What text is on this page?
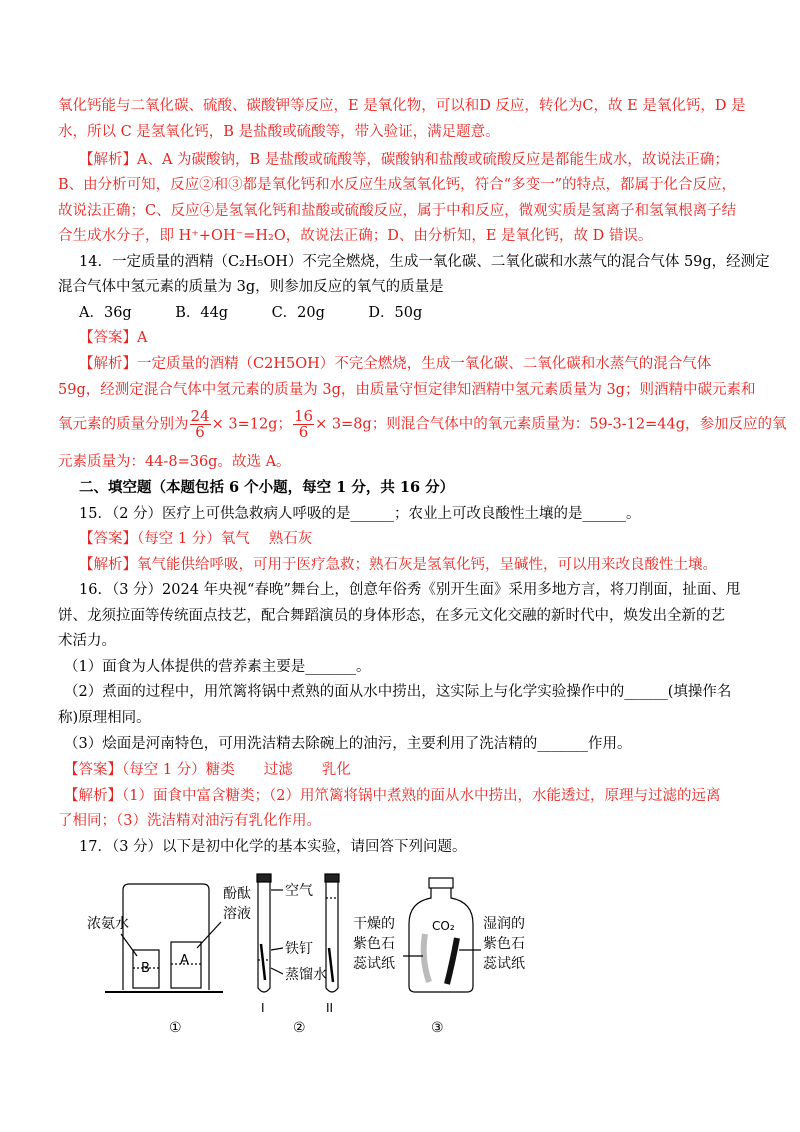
氧化钙能与二氧化碳、硫酸、碳酸钾等反应，E 是氧化物，可以和D 反应，转化为C，故 E 是氧化钙，D 是
水，所以 C 是氢氧化钙，B 是盐酸或硫酸等，带入验证，满足题意。
【解析】A、A 为碳酸钠，B 是盐酸或硫酸等，碳酸钠和盐酸或硫酸反应是都能生成水，故说法正确；
B、由分析可知，反应②和③都是氧化钙和水反应生成氢氧化钙，符合“多变一”的特点，都属于化合反应，
故说法正确；C、反应④是氢氧化钙和盐酸或硫酸反应，属于中和反应，微观实质是氢离子和氢氧根离子结
合生成水分子，即 H⁺+OH⁻=H₂O，故说法正确；D、由分析知，E 是氧化钙，故 D 错误。
14．一定质量的酒精（C₂H₅OH）不完全燃烧，生成一氧化碳、二氧化碳和水蒸气的混合气体 59g，经测定
混合气体中氢元素的质量为 3g，则参加反应的氧气的质量是
A．36g　　　B．44g　　　C．20g　　　D．50g
【答案】A
【解析】一定质量的酒精（C2H5OH）不完全燃烧，生成一氧化碳、二氧化碳和水蒸气的混合气体
59g，经测定混合气体中氢元素的质量为 3g，由质量守恒定律知酒精中氢元素质量为 3g；则酒精中碳元素和
氧元素的质量分别为 $\frac{24}{6} \times 3=12g$； $\frac{16}{6} \times 3=8g$；则混合气体中的氧元素质量为：59-3-12=44g，参加反应的氧
元素质量为：44-8=36g。故选 A。
二、填空题（本题包括 6 个小题，每空 1 分，共 16 分）
15．（2 分）医疗上可供急救病人呼吸的是______；农业上可改良酸性土壤的是______。
【答案】（每空 1 分）氧气　 熟石灰
【解析】氧气能供给呼吸，可用于医疗急救；熟石灰是氢氧化钙，呈碱性，可以用来改良酸性土壤。
16．（3 分）2024 年央视“春晚”舞台上，创意年俗秀《别开生面》采用多地方言，将刀削面，扯面、甩
饼、龙须拉面等传统面点技艺，配合舞蹈演员的身体形态，在多元文化交融的新时代中，焕发出全新的艺
术活力。
（1）面食为人体提供的营养素主要是_______。
（2）煮面的过程中，用笊篱将锅中煮熟的面从水中捞出，这实际上与化学实验操作中的______(填操作名
称)原理相同。
（3）烩面是河南特色，可用洗洁精去除碗上的油污，主要利用了洗洁精的_______作用。
【答案】（每空 1 分）糖类　　过滤　　乳化
【解析】（1）面食中富含糖类；（2）用笊篱将锅中煮熟的面从水中捞出，水能透过，原理与过滤的远离
了相同；（3）洗洁精对油污有乳化作用。
17．（3 分）以下是初中化学的基本实验，请回答下列问题。
浓氨水
酚酞
溶液
B
A
①
空气
铁钉
蒸馏水
I	II
②
CO₂
干燥的
紫色石
蕊试纸
湿润的
紫色石
蕊试纸
③
